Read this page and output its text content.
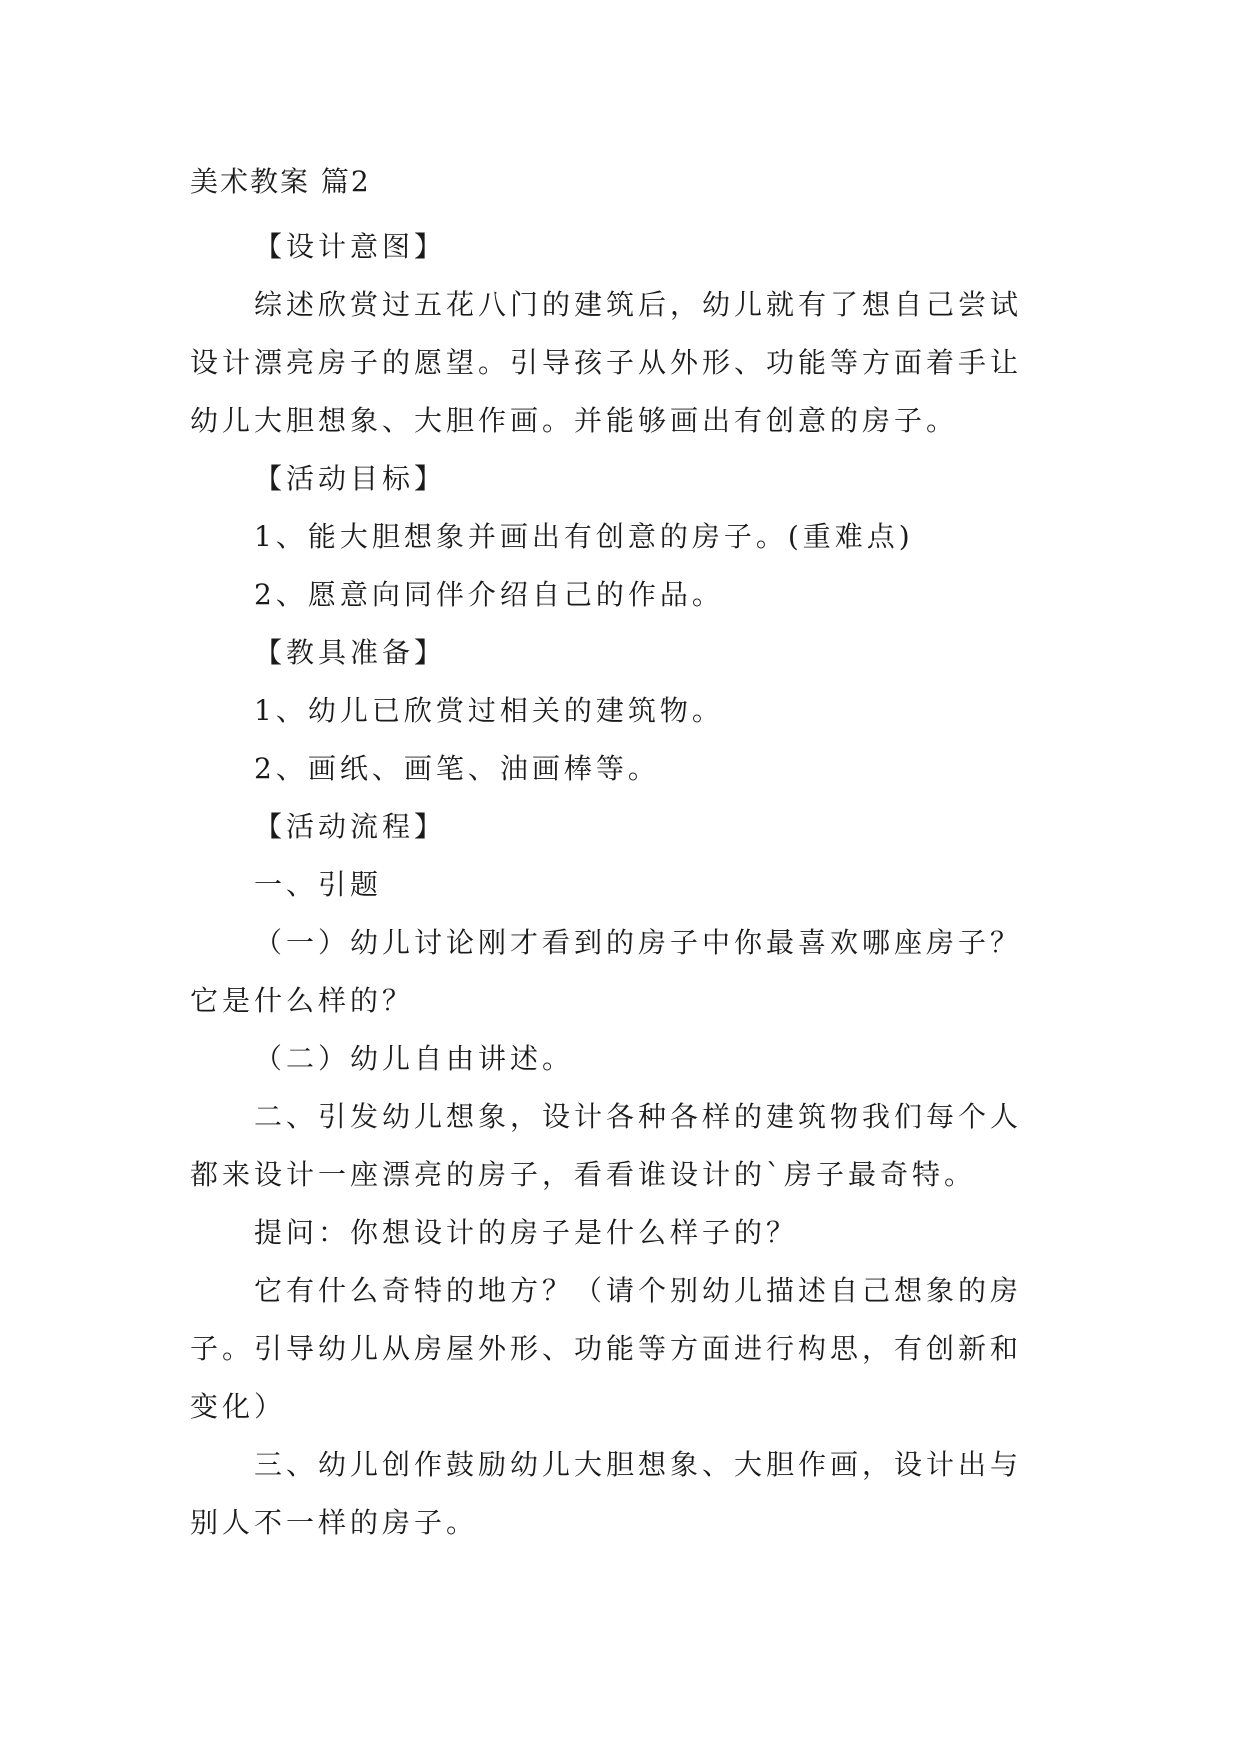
美术教案 篇2

【设计意图】

综述欣赏过五花八门的建筑后，幼儿就有了想自己尝试设计漂亮房子的愿望。引导孩子从外形、功能等方面着手让幼儿大胆想象、大胆作画。并能够画出有创意的房子。

【活动目标】

1、能大胆想象并画出有创意的房子。(重难点)

2、愿意向同伴介绍自己的作品。

【教具准备】

1、幼儿已欣赏过相关的建筑物。

2、画纸、画笔、油画棒等。

【活动流程】

一、引题

（一）幼儿讨论刚才看到的房子中你最喜欢哪座房子？它是什么样的？

（二）幼儿自由讲述。

二、引发幼儿想象，设计各种各样的建筑物我们每个人都来设计一座漂亮的房子，看看谁设计的`房子最奇特。

提问：你想设计的房子是什么样子的？

它有什么奇特的地方？（请个别幼儿描述自己想象的房子。引导幼儿从房屋外形、功能等方面进行构思，有创新和变化）

三、幼儿创作鼓励幼儿大胆想象、大胆作画，设计出与别人不一样的房子。
